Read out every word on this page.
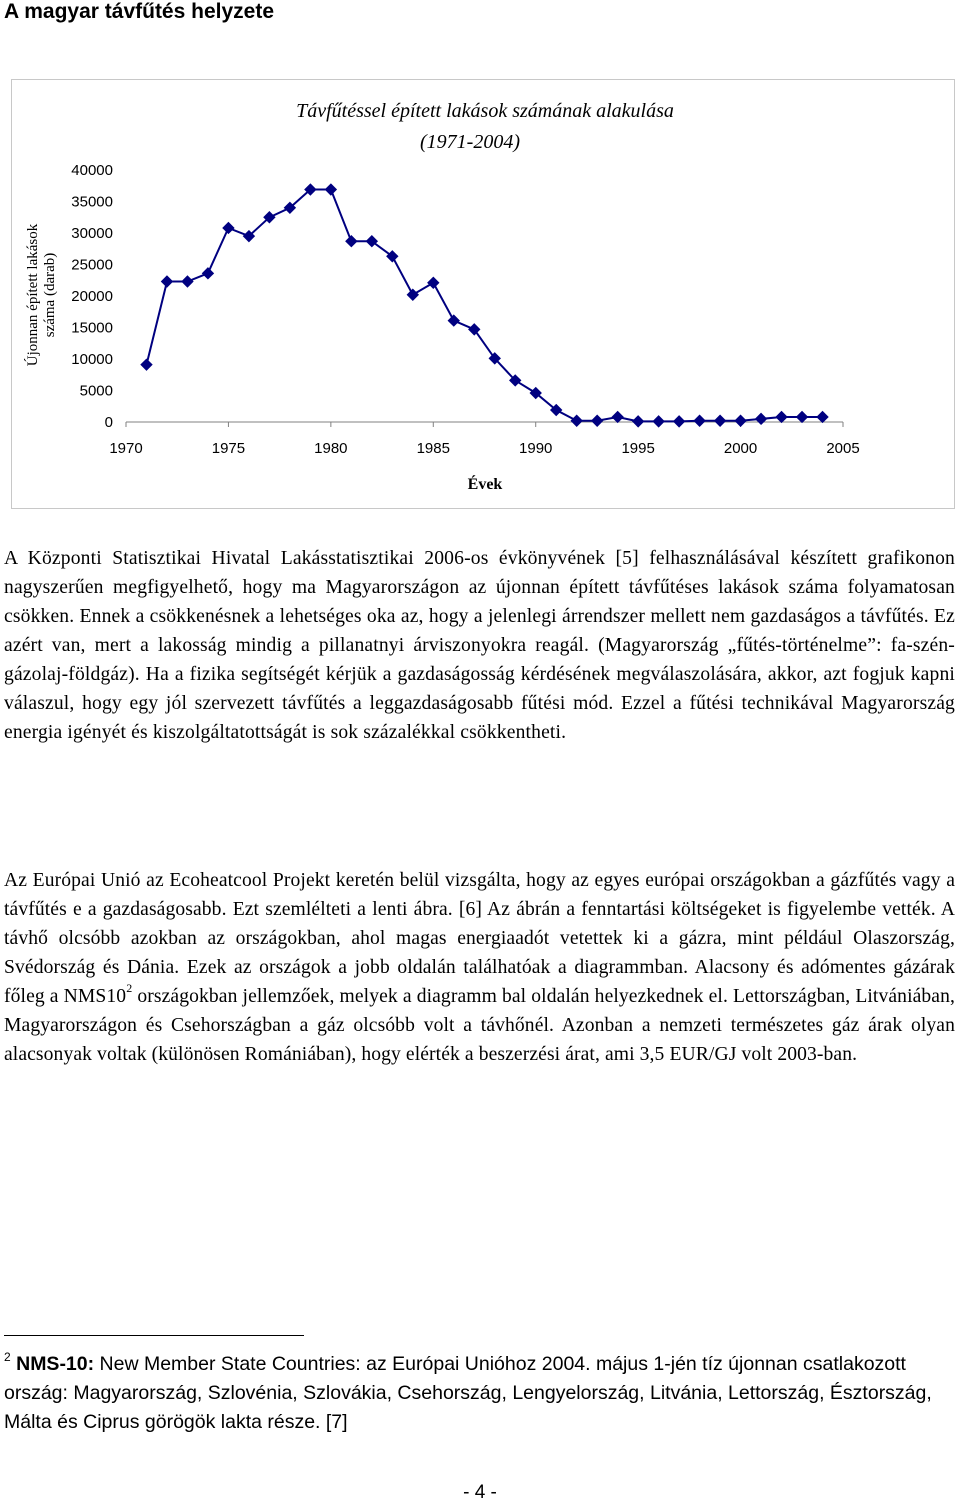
A magyar távfűtés helyzete
Távfűtéssel épített lakások számának alakulása
(1971-2004)
Újonnan épített lakások száma (darab)
Évek
1970	1975	1980	1985	1990	1995	2000	2005
0
5000
10000
15000
20000
25000
30000
35000
40000

A Központi Statisztikai Hivatal Lakásstatisztikai 2006-os évkönyvének [5] felhasználásával készített grafikonon nagyszerűen megfigyelhető, hogy ma Magyarországon az újonnan épített távfűtéses lakások száma folyamatosan csökken. Ennek a csökkenésnek a lehetséges oka az, hogy a jelenlegi árrendszer mellett nem gazdaságos a távfűtés. Ez azért van, mert a lakosság mindig a pillanatnyi árviszonyokra reagál. (Magyarország „fűtés-történelme”: fa-szén-gázolaj-földgáz). Ha a fizika segítségét kérjük a gazdaságosság kérdésének megválaszolására, akkor, azt fogjuk kapni válaszul, hogy egy jól szervezett távfűtés a leggazdaságosabb fűtési mód. Ezzel a fűtési technikával Magyarország energia igényét és kiszolgáltatottságát is sok százalékkal csökkentheti.

Az Európai Unió az Ecoheatcool Projekt keretén belül vizsgálta, hogy az egyes európai országokban a gázfűtés vagy a távfűtés e a gazdaságosabb. Ezt szemlélteti a lenti ábra. [6] Az ábrán a fenntartási költségeket is figyelembe vették. A távhő olcsóbb azokban az országokban, ahol magas energiaadót vetettek ki a gázra, mint például Olaszország, Svédország és Dánia. Ezek az országok a jobb oldalán találhatóak a diagrammban. Alacsony és adómentes gázárak főleg a $NMS10^2$ országokban jellemzőek, melyek a diagramm bal oldalán helyezkednek el. Lettországban, Litvániában, Magyarországon és Csehországban a gáz olcsóbb volt a távhőnél. Azonban a nemzeti természetes gáz árak olyan alacsonyak voltak (különösen Romániában), hogy elérték a beszerzési árat, ami 3,5 EUR/GJ volt 2003-ban.

$^2$ NMS-10: New Member State Countries: az Európai Unióhoz 2004. május 1-jén tíz újonnan csatlakozott ország: Magyarország, Szlovénia, Szlovákia, Csehország, Lengyelország, Litvánia, Lettország, Észtország, Málta és Ciprus görögök lakta része. [7]

- 4 -
